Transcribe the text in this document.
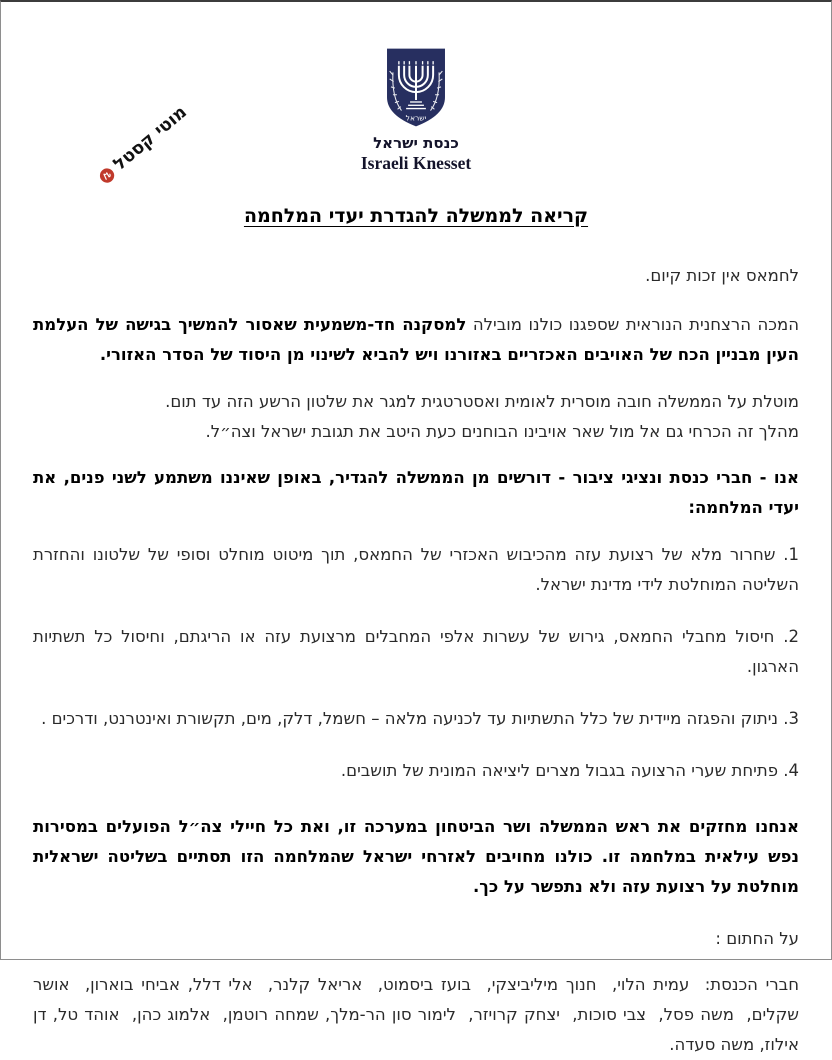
מוטי קסטל	ישראל
כנסת ישראל
Israeli Knesset
קריאה לממשלה להגדרת יעדי המלחמה

לחמאס אין זכות קיום.

המכה הרצחנית הנוראית שספגנו כולנו מובילה למסקנה חד-משמעית שאסור להמשיך בגישה של העלמת העין מבניין הכח של האויבים האכזריים באזורנו ויש להביא לשינוי מן היסוד של הסדר האזורי.

מוטלת על הממשלה חובה מוסרית לאומית ואסטרטגית למגר את שלטון הרשע הזה עד תום.
מהלך זה הכרחי גם אל מול שאר אויבינו הבוחנים כעת היטב את תגובת ישראל וצה״ל.

אנו - חברי כנסת ונציגי ציבור - דורשים מן הממשלה להגדיר, באופן שאיננו משתמע לשני פנים, את יעדי המלחמה:

1. שחרור מלא של רצועת עזה מהכיבוש האכזרי של החמאס, תוך מיטוט מוחלט וסופי של שלטונו והחזרת השליטה המוחלטת לידי מדינת ישראל.

2. חיסול מחבלי החמאס, גירוש של עשרות אלפי המחבלים מרצועת עזה או הריגתם, וחיסול כל תשתיות הארגון.

3. ניתוק והפגזה מיידית של כלל התשתיות עד לכניעה מלאה – חשמל, דלק, מים, תקשורת ואינטרנט, ודרכים .

4. פתיחת שערי הרצועה בגבול מצרים ליציאה המונית של תושבים.

אנחנו מחזקים את ראש הממשלה ושר הביטחון במערכה זו, ואת כל חיילי צה״ל הפועלים במסירות נפש עילאית במלחמה זו. כולנו מחויבים לאזרחי ישראל שהמלחמה הזו תסתיים בשליטה ישראלית מוחלטת על רצועת עזה ולא נתפשר על כך.

על החתום :

חברי הכנסת:  עמית הלוי,  חנוך מיליביצקי,  בועז ביסמוט,  אריאל קלנר,  אלי דלל, אביחי בוארון,  אושר שקלים,  משה פסל,  צבי סוכות,  יצחק קרויזר,  לימור סון הר-מלך, שמחה רוטמן,  אלמוג כהן,  אוהד טל, דן אילוז, משה סעדה.
